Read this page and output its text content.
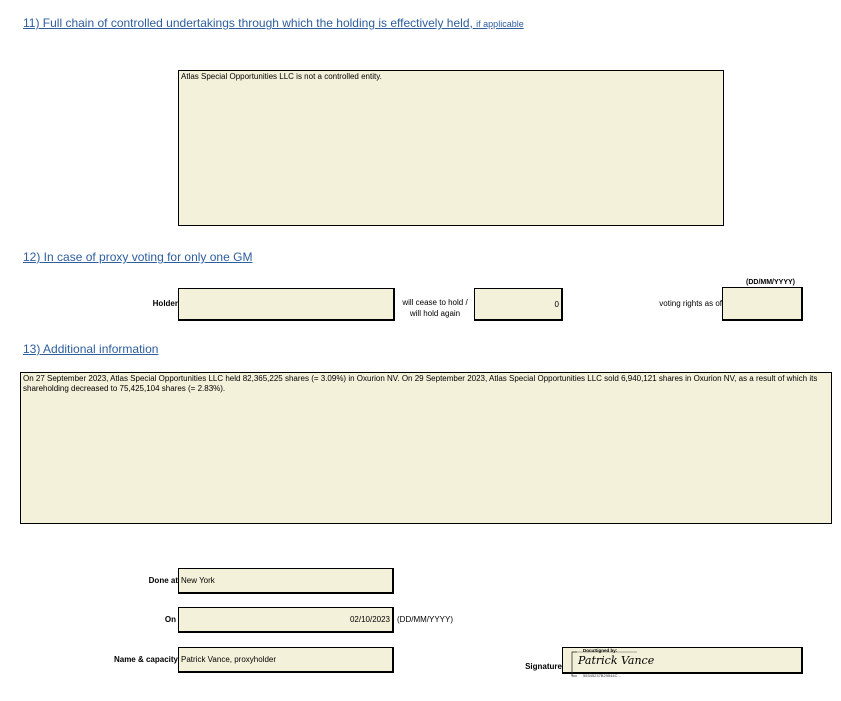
11) Full chain of controlled undertakings through which the holding is effectively held, if applicable
Atlas Special Opportunities LLC is not a controlled entity.
12) In case of proxy voting for only one GM
(DD/MM/YYYY)
Holder	will cease to hold /
will hold again
0	voting rights as of
13) Additional information
On 27 September 2023, Atlas Special Opportunities LLC held 82,365,225 shares (= 3.09%) in Oxurion NV. On 29 September 2023, Atlas Special Opportunities LLC sold 6,940,121 shares in Oxurion NV, as a result of which its shareholding decreased to 75,425,104 shares (= 2.83%).
Done at New York
On	02/10/2023 (DD/MM/YYYY)
Name & capacity Patrick Vance, proxyholder
Signature
DocuSigned by:
Patrick Vance
55345237B29544C...
